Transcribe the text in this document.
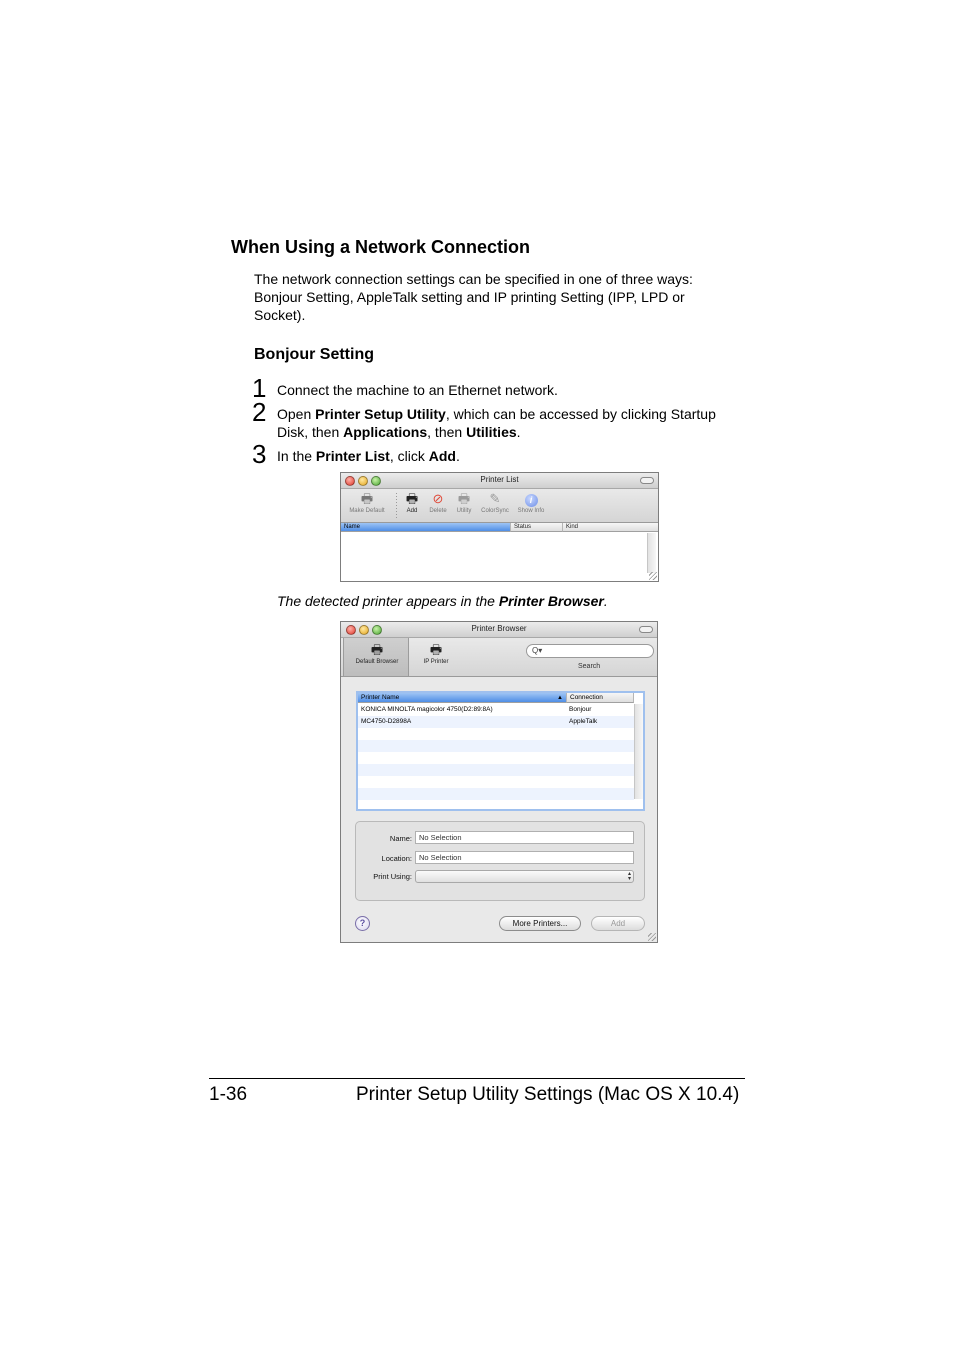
When Using a Network Connection
The network connection settings can be specified in one of three ways: Bonjour Setting, AppleTalk setting and IP printing Setting (IPP, LPD or Socket).
Bonjour Setting
1 Connect the machine to an Ethernet network.
2 Open Printer Setup Utility, which can be accessed by clicking Startup Disk, then Applications, then Utilities.
3 In the Printer List, click Add.
Printer List
🖶
Make Default
🖶
Add
⊘
Delete
🖶
Utility
✎
ColorSync
i
Show Info
Name	Status	Kind
The detected printer appears in the Printer Browser.
Printer Browser
🖶
Default Browser
🖶
IP Printer
Q▾
Search
Printer Name	▲	Connection
KONICA MINOLTA magicolor 4750(D2:89:8A)	Bonjour
MC4750-D2898A	AppleTalk
Name: No Selection
Location: No Selection
Print Using:	▴
▾
?	More Printers...	Add
1-36	Printer Setup Utility Settings (Mac OS X 10.4)
